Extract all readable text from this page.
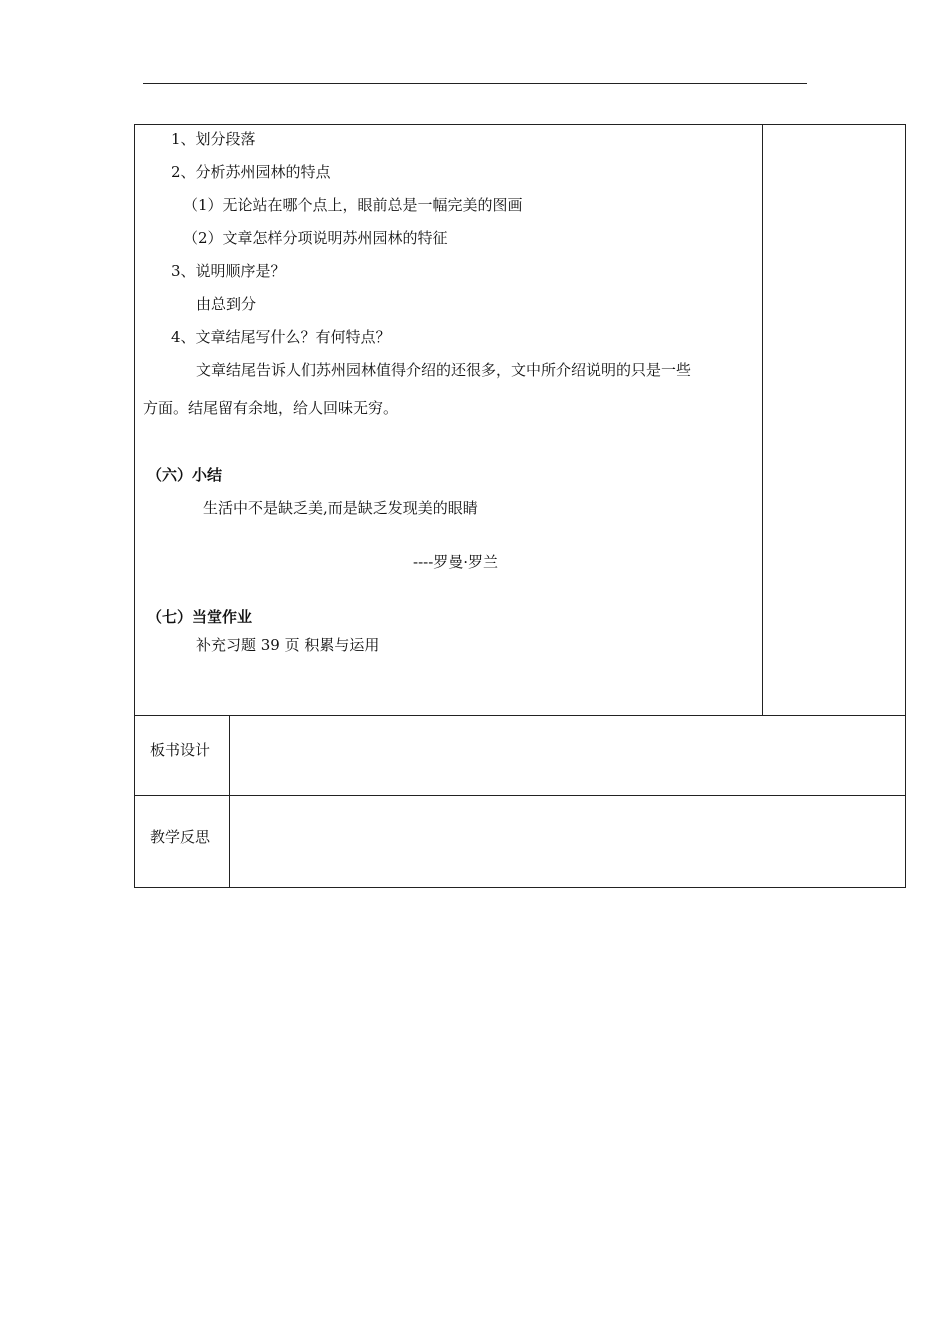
1、划分段落
2、分析苏州园林的特点
（1）无论站在哪个点上，眼前总是一幅完美的图画
（2）文章怎样分项说明苏州园林的特征
3、说明顺序是？
由总到分
4、文章结尾写什么？有何特点？
文章结尾告诉人们苏州园林值得介绍的还很多，文中所介绍说明的只是一些
方面。结尾留有余地，给人回味无穷。
（六）小结
生活中不是缺乏美,而是缺乏发现美的眼睛
----罗曼·罗兰
（七）当堂作业
补充习题 39 页 积累与运用
板书设计
教学反思
